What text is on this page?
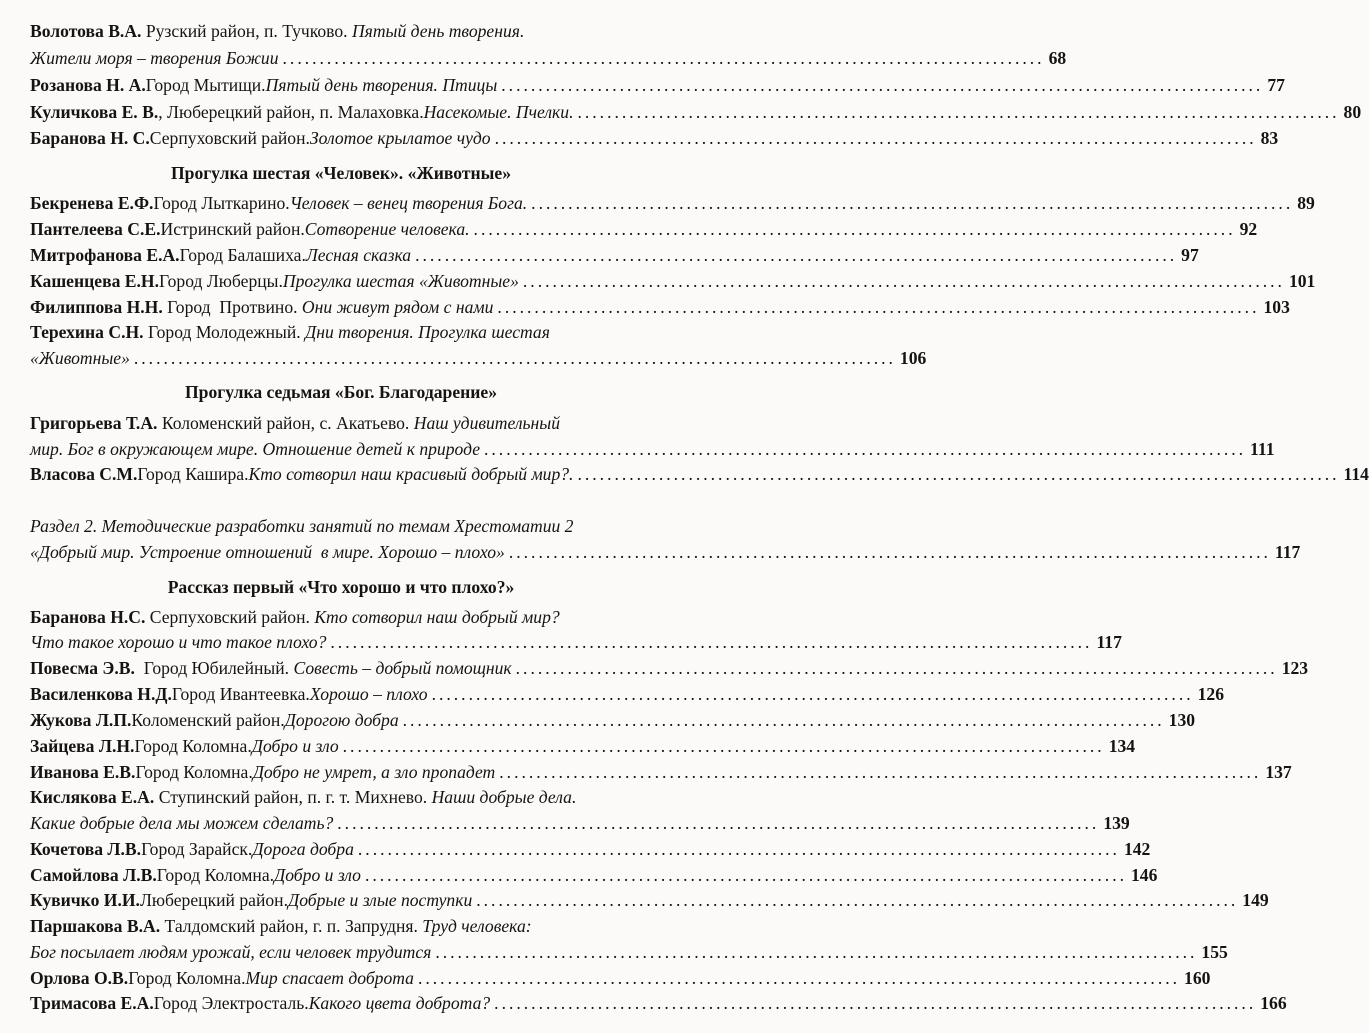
Волотова В.А. Рузский район, п. Тучково. Пятый день творения.
Жители моря – творения Божии ....................................................................................................... 68
Розанова Н. А. Город Мытищи. Пятый день творения. Птицы ....................................................................................................... 77
Куличкова Е. В. , Люберецкий район, п. Малаховка. Насекомые. Пчелки. ....................................................................................................... 80
Баранова Н. С. Серпуховский район. Золотое крылатое чудо ....................................................................................................... 83
Прогулка шестая «Человек». «Животные»
Бекренева Е.Ф. Город Лыткарино. Человек – венец творения Бога. ....................................................................................................... 89
Пантелеева С.Е. Истринский район. Сотворение человека. ....................................................................................................... 92
Митрофанова Е.А. Город Балашиха. Лесная сказка ....................................................................................................... 97
Кашенцева Е.Н. Город Люберцы. Прогулка шестая «Животные» ....................................................................................................... 101
Филиппова Н.Н. Город  Протвино. Они живут рядом с нами ....................................................................................................... 103
Терехина С.Н. Город Молодежный. Дни творения. Прогулка шестая
«Животные» ....................................................................................................... 106
Прогулка седьмая «Бог. Благодарение»
Григорьева Т.А. Коломенский район, с. Акатьево. Наш удивительный
мир. Бог в окружающем мире. Отношение детей к природе ....................................................................................................... 111
Власова С.М. Город Кашира. Кто сотворил наш красивый добрый мир?. ....................................................................................................... 114
Раздел 2. Методические разработки занятий по темам Хрестоматии 2
«Добрый мир. Устроение отношений  в мире. Хорошо – плохо» ....................................................................................................... 117
Рассказ первый «Что хорошо и что плохо?»
Баранова Н.С. Серпуховский район. Кто сотворил наш добрый мир?
Что такое хорошо и что такое плохо? ....................................................................................................... 117
Повесма Э.В. Город Юбилейный. Совесть – добрый помощник ....................................................................................................... 123
Василенкова Н.Д. Город Ивантеевка. Хорошо – плохо ....................................................................................................... 126
Жукова Л.П. Коломенский район. Дорогою добра ....................................................................................................... 130
Зайцева Л.Н. Город Коломна. Добро и зло ....................................................................................................... 134
Иванова Е.В. Город Коломна. Добро не умрет, а зло пропадет ....................................................................................................... 137
Кислякова Е.А. Ступинский район, п. г. т. Михнево. Наши добрые дела.
Какие добрые дела мы можем сделать? ....................................................................................................... 139
Кочетова Л.В. Город Зарайск. Дорога добра ....................................................................................................... 142
Самойлова Л.В. Город Коломна. Добро и зло ....................................................................................................... 146
Кувичко И.И. Люберецкий район. Добрые и злые поступки ....................................................................................................... 149
Паршакова В.А. Талдомский район, г. п. Запрудня. Труд человека:
Бог посылает людям урожай, если человек трудится ....................................................................................................... 155
Орлова О.В. Город Коломна. Мир спасает доброта ....................................................................................................... 160
Тримасова Е.А. Город Электросталь. Какого цвета доброта? ....................................................................................................... 166
